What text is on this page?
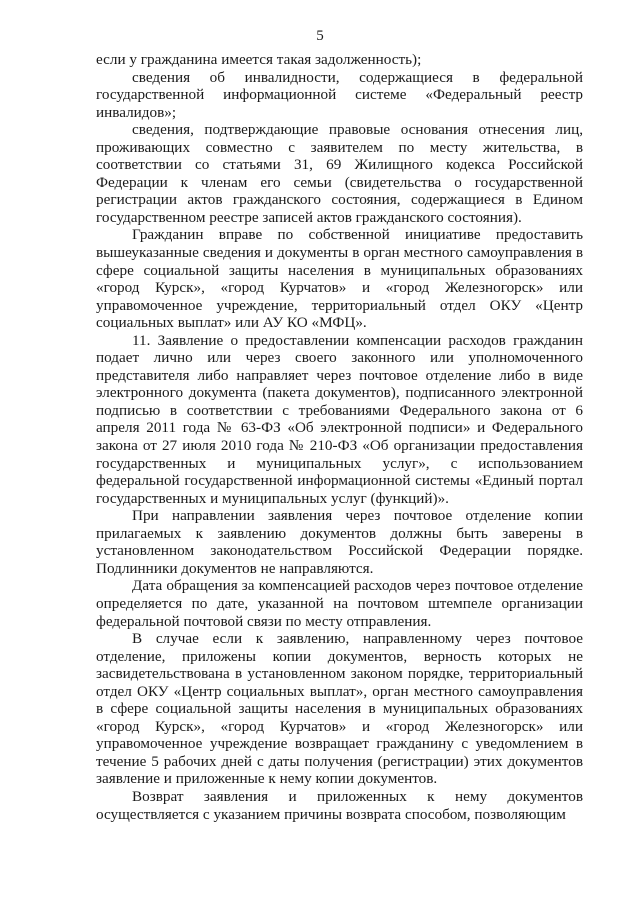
5

если у гражданина имеется такая задолженность);

сведения об инвалидности, содержащиеся в федеральной государственной информационной системе «Федеральный реестр инвалидов»;

сведения, подтверждающие правовые основания отнесения лиц, проживающих совместно с заявителем по месту жительства, в соответствии со статьями 31, 69 Жилищного кодекса Российской Федерации к членам его семьи (свидетельства о государственной регистрации актов гражданского состояния, содержащиеся в Едином государственном реестре записей актов гражданского состояния).

Гражданин вправе по собственной инициативе предоставить вышеуказанные сведения и документы в орган местного самоуправления в сфере социальной защиты населения в муниципальных образованиях «город Курск», «город Курчатов» и «город Железногорск» или управомоченное учреждение, территориальный отдел ОКУ «Центр социальных выплат» или АУ КО «МФЦ».

11. Заявление о предоставлении компенсации расходов гражданин подает лично или через своего законного или уполномоченного представителя либо направляет через почтовое отделение либо в виде электронного документа (пакета документов), подписанного электронной подписью в соответствии с требованиями Федерального закона от 6 апреля 2011 года № 63-ФЗ «Об электронной подписи» и Федерального закона от 27 июля 2010 года № 210-ФЗ «Об организации предоставления государственных и муниципальных услуг», с использованием федеральной государственной информационной системы «Единый портал государственных и муниципальных услуг (функций)».

При направлении заявления через почтовое отделение копии прилагаемых к заявлению документов должны быть заверены в установленном законодательством Российской Федерации порядке. Подлинники документов не направляются.

Дата обращения за компенсацией расходов через почтовое отделение определяется по дате, указанной на почтовом штемпеле организации федеральной почтовой связи по месту отправления.

В случае если к заявлению, направленному через почтовое отделение, приложены копии документов, верность которых не засвидетельствована в установленном законом порядке, территориальный отдел ОКУ «Центр социальных выплат», орган местного самоуправления в сфере социальной защиты населения в муниципальных образованиях «город Курск», «город Курчатов» и «город Железногорск» или управомоченное учреждение возвращает гражданину с уведомлением в течение 5 рабочих дней с даты получения (регистрации) этих документов заявление и приложенные к нему копии документов.

Возврат заявления и приложенных к нему документов осуществляется с указанием причины возврата способом, позволяющим
